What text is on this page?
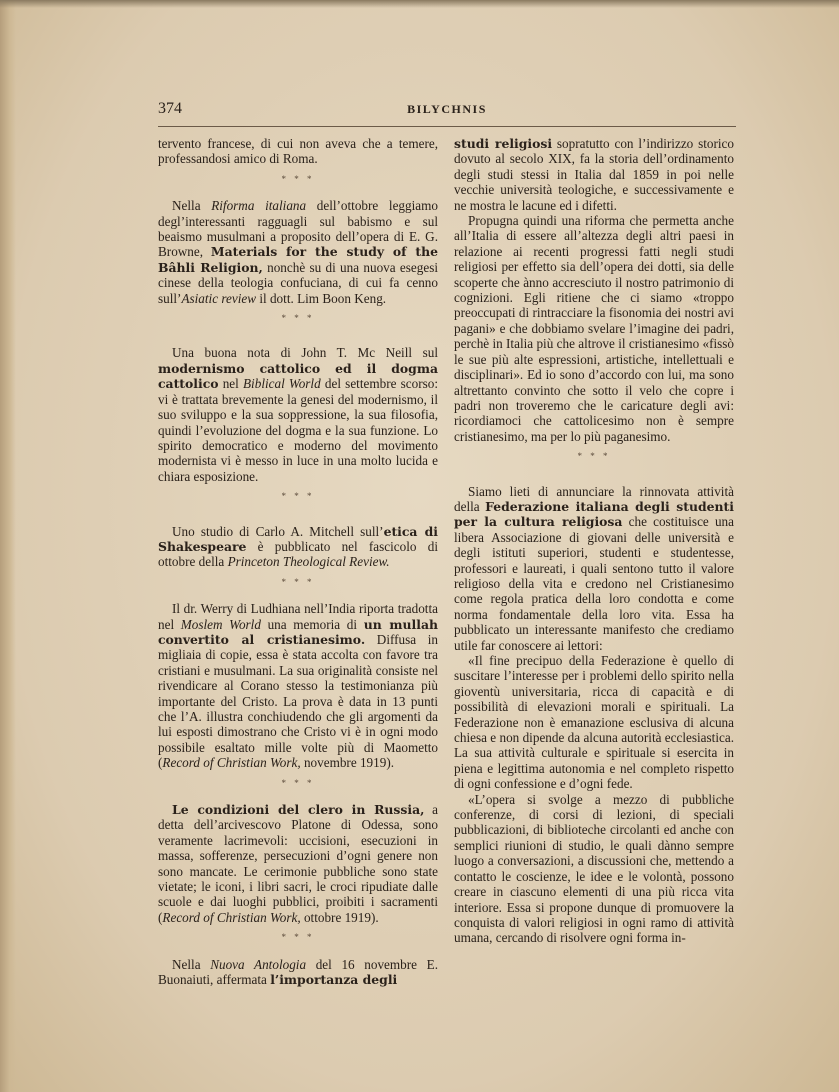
374	BILYCHNIS

tervento francese, di cui non aveva che a temere, professandosi amico di Roma.

* * *

Nella Riforma italiana dell’ottobre leggiamo degl’interessanti ragguagli sul babismo e sul beaismo musulmani a proposito dell’opera di E. G. Browne, Materials for the study of the Bâhli Religion, nonchè su di una nuova esegesi cinese della teologia confuciana, di cui fa cenno sull’Asiatic review il dott. Lim Boon Keng.

* * *

Una buona nota di John T. Mc Neill sul modernismo cattolico ed il dogma cattolico nel Biblical World del settembre scorso: vi è trattata brevemente la genesi del modernismo, il suo sviluppo e la sua soppressione, la sua filosofia, quindi l’evoluzione del dogma e la sua funzione. Lo spirito democratico e moderno del movimento modernista vi è messo in luce in una molto lucida e chiara esposizione.

* * *

Uno studio di Carlo A. Mitchell sull’etica di Shakespeare è pubblicato nel fascicolo di ottobre della Princeton Theological Review.

* * *

Il dr. Werry di Ludhiana nell’India riporta tradotta nel Moslem World una memoria di un mullah convertito al cristianesimo. Diffusa in migliaia di copie, essa è stata accolta con favore tra cristiani e musulmani. La sua originalità consiste nel rivendicare al Corano stesso la testimonianza più importante del Cristo. La prova è data in 13 punti che l’A. illustra conchiudendo che gli argomenti da lui esposti dimostrano che Cristo vi è in ogni modo possibile esaltato mille volte più di Maometto (Record of Christian Work, novembre 1919).

* * *

Le condizioni del clero in Russia, a detta dell’arcivescovo Platone di Odessa, sono veramente lacrimevoli: uccisioni, esecuzioni in massa, sofferenze, persecuzioni d’ogni genere non sono mancate. Le cerimonie pubbliche sono state vietate; le iconi, i libri sacri, le croci ripudiate dalle scuole e dai luoghi pubblici, proibiti i sacramenti (Record of Christian Work, ottobre 1919).

* * *

Nella Nuova Antologia del 16 novembre E. Buonaiuti, affermata l’importanza degli

studi religiosi sopratutto con l’indirizzo storico dovuto al secolo XIX, fa la storia dell’ordinamento degli studi stessi in Italia dal 1859 in poi nelle vecchie università teologiche, e successivamente e ne mostra le lacune ed i difetti.

Propugna quindi una riforma che permetta anche all’Italia di essere all’altezza degli altri paesi in relazione ai recenti progressi fatti negli studi religiosi per effetto sia dell’opera dei dotti, sia delle scoperte che ànno accresciuto il nostro patrimonio di cognizioni. Egli ritiene che ci siamo «troppo preoccupati di rintracciare la fisonomia dei nostri avi pagani» e che dobbiamo svelare l’imagine dei padri, perchè in Italia più che altrove il cristianesimo «fissò le sue più alte espressioni, artistiche, intellettuali e disciplinari». Ed io sono d’accordo con lui, ma sono altrettanto convinto che sotto il velo che copre i padri non troveremo che le caricature degli avi: ricordiamoci che cattolicesimo non è sempre cristianesimo, ma per lo più paganesimo.

* * *

Siamo lieti di annunciare la rinnovata attività della Federazione italiana degli studenti per la cultura religiosa che costituisce una libera Associazione di giovani delle università e degli istituti superiori, studenti e studentesse, professori e laureati, i quali sentono tutto il valore religioso della vita e credono nel Cristianesimo come regola pratica della loro condotta e come norma fondamentale della loro vita. Essa ha pubblicato un interessante manifesto che crediamo utile far conoscere ai lettori:

«Il fine precipuo della Federazione è quello di suscitare l’interesse per i problemi dello spirito nella gioventù universitaria, ricca di capacità e di possibilità di elevazioni morali e spirituali. La Federazione non è emanazione esclusiva di alcuna chiesa e non dipende da alcuna autorità ecclesiastica. La sua attività culturale e spirituale si esercita in piena e legittima autonomia e nel completo rispetto di ogni confessione e d’ogni fede.

«L’opera si svolge a mezzo di pubbliche conferenze, di corsi di lezioni, di speciali pubblicazioni, di biblioteche circolanti ed anche con semplici riunioni di studio, le quali dànno sempre luogo a conversazioni, a discussioni che, mettendo a contatto le coscienze, le idee e le volontà, possono creare in ciascuno elementi di una più ricca vita interiore. Essa si propone dunque di promuovere la conquista di valori religiosi in ogni ramo di attività umana, cercando di risolvere ogni forma in-
